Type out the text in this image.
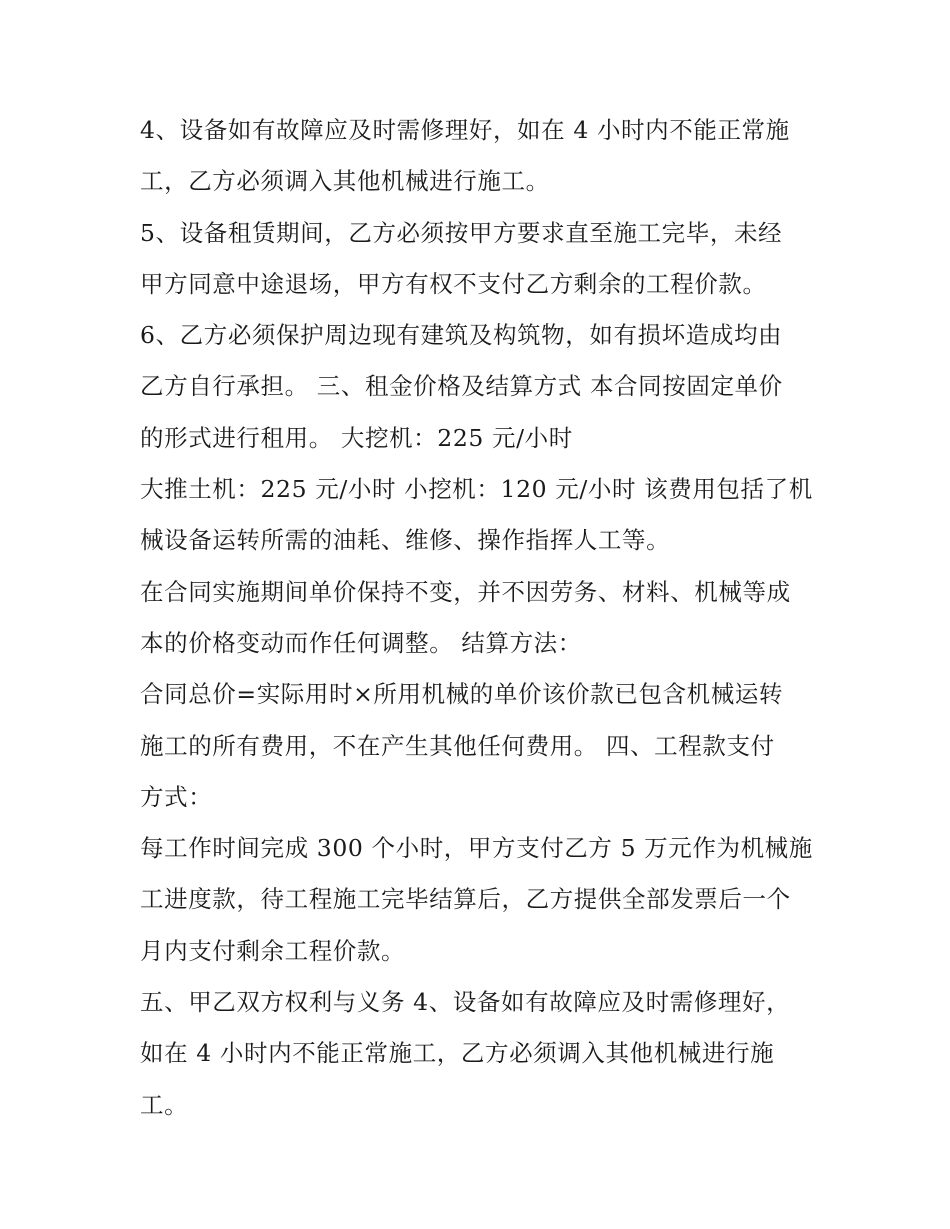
4、设备如有故障应及时需修理好，如在 4 小时内不能正常施
工，乙方必须调入其他机械进行施工。
5、设备租赁期间，乙方必须按甲方要求直至施工完毕，未经
甲方同意中途退场，甲方有权不支付乙方剩余的工程价款。
6、乙方必须保护周边现有建筑及构筑物，如有损坏造成均由
乙方自行承担。 三、租金价格及结算方式 本合同按固定单价
的形式进行租用。 大挖机：225 元/小时
大推土机：225 元/小时 小挖机：120 元/小时 该费用包括了机
械设备运转所需的油耗、维修、操作指挥人工等。
在合同实施期间单价保持不变，并不因劳务、材料、机械等成
本的价格变动而作任何调整。 结算方法：
合同总价=实际用时×所用机械的单价该价款已包含机械运转
施工的所有费用，不在产生其他任何费用。 四、工程款支付
方式：
每工作时间完成 300 个小时，甲方支付乙方 5 万元作为机械施
工进度款，待工程施工完毕结算后，乙方提供全部发票后一个
月内支付剩余工程价款。
五、甲乙双方权利与义务 4、设备如有故障应及时需修理好，
如在 4 小时内不能正常施工，乙方必须调入其他机械进行施
工。
